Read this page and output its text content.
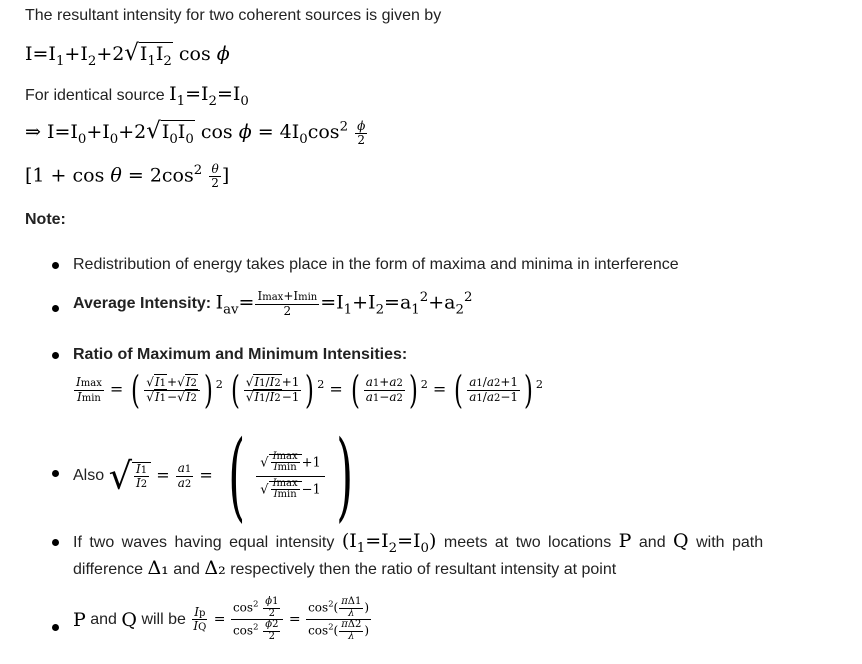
The resultant intensity for two coherent sources is given by
$I=I_1+I_2+2√I_1I_2$ cos ϕ
For identical source $I_1=I_2=I_0$
⇒ $I=I_0+I_0+2√I_0I_0$ $\cos \phi = 4I_0\cos^2 \frac{\phi}{2}$
[$1 + \cos \theta = 2\cos^2 \frac{\theta}{2}$ ]
Note:
Redistribution of energy takes place in the form of maxima and minima in interference
Average Intensity: $I_{av}= \frac{Imax+Imin}{2} =I_1+I_2=a_1^2+a_2^2$
Ratio of Maximum and Minimum Intensities:
$\frac{Imax}{Imin}$ = ( $\frac{√I1+√I2}{√I1-√I2}$ ) $^2$ ( $\frac{√I1/I2+1}{√I1/I2-1}$ ) $^2$ = ( $\frac{a1+a2}{a1-a2}$ ) $^2$ = ( $\frac{a1/a2+1}{a1/a2-1}$ ) $^2$
Also √ $\frac{I1}{I2} = \frac{a1}{a2}$ = ( $\frac{√ \frac{Imax}{Imin} +1}{√ \frac{Imax}{Imin} -1}$ )
If two waves having equal intensity $(I_1=I_2=I_0)$ meets at two locations P and Q with path
difference Δ₁ and Δ₂ respectively then the ratio of resultant intensity at point
P and Q will be $\frac{Ip}{IQ} = \frac{\cos^2 \frac{\phi 1}{2}}{\cos^2 \frac{\phi 2}{2}} = \frac{\cos^2( \frac{\pi\Delta 1}{\lambda} )}{\cos^2( \frac{\pi\Delta 2}{\lambda} )}$
